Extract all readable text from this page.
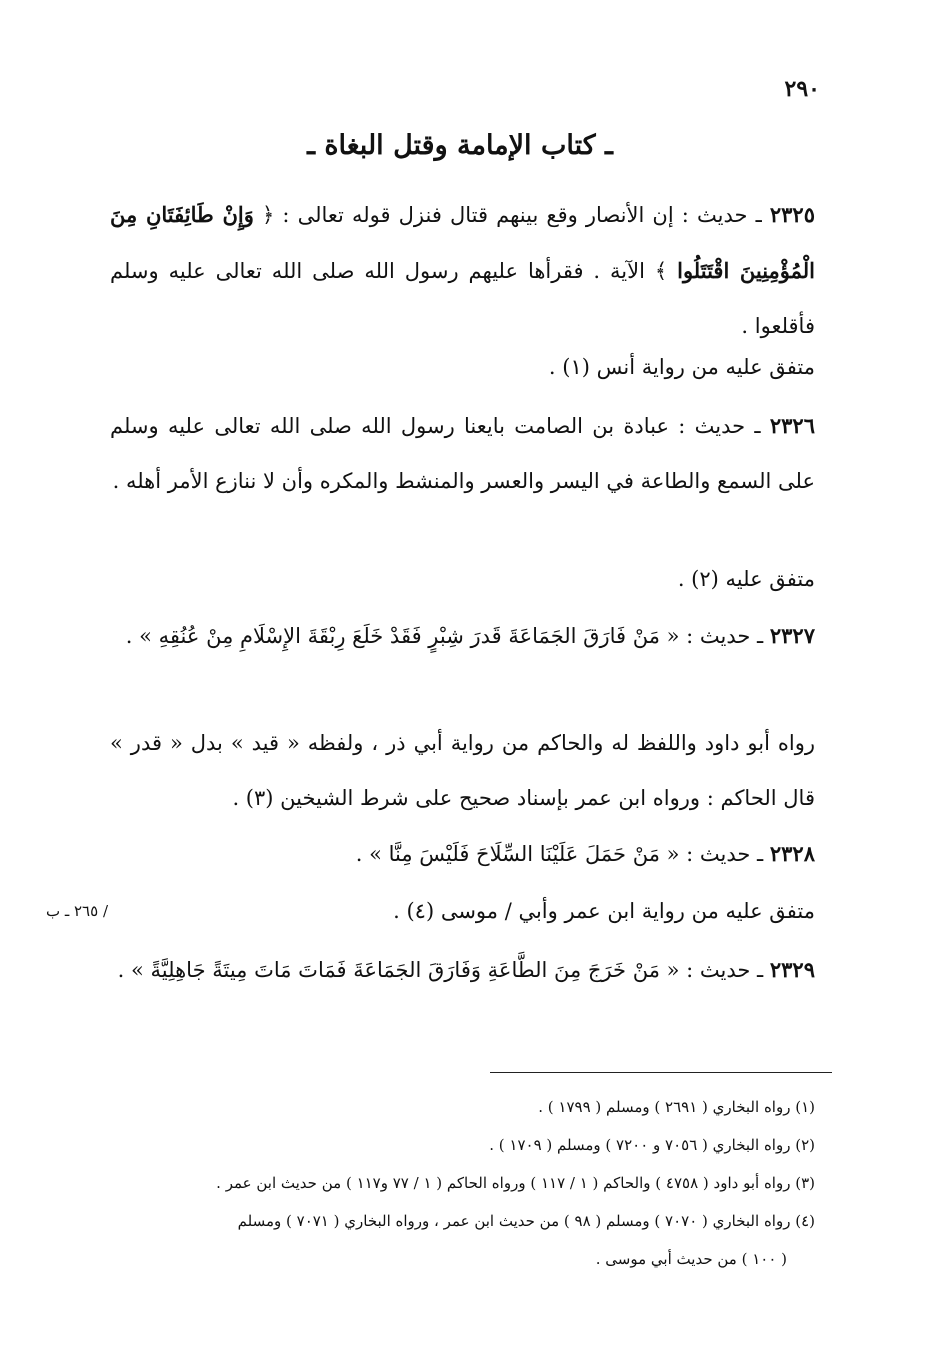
٢٩٠
ـ كتاب الإمامة وقتل البغاة ـ
٢٣٢٥ ـ حديث : إن الأنصار وقع بينهم قتال فنزل قوله تعالى : ﴿ وَإِنْ طَائِفَتَانِ مِنَ الْمُؤْمِنِينَ اقْتَتَلُوا ﴾ الآية . فقرأها عليهم رسول الله صلى الله تعالى عليه وسلم فأقلعوا .
متفق عليه من رواية أنس (١) .
٢٣٢٦ ـ حديث : عبادة بن الصامت بايعنا رسول الله صلى الله تعالى عليه وسلم على السمع والطاعة في اليسر والعسر والمنشط والمكره وأن لا ننازع الأمر أهله .
متفق عليه (٢) .
٢٣٢٧ ـ حديث : « مَنْ فَارَقَ الجَمَاعَةَ قَدرَ شِبْرٍ فَقَدْ خَلَعَ رِبْقَةَ الإِسْلَامِ مِنْ عُنُقِهِ » .
رواه أبو داود واللفظ له والحاكم من رواية أبي ذر ، ولفظه « قيد » بدل « قدر » قال الحاكم : ورواه ابن عمر بإسناد صحيح على شرط الشيخين (٣) .
٢٣٢٨ ـ حديث : « مَنْ حَمَلَ عَلَيْنَا السِّلَاحَ فَلَيْسَ مِنَّا » .
متفق عليه من رواية ابن عمر وأبي / موسى (٤) .
/ ٢٦٥ ـ ب
٢٣٢٩ ـ حديث : « مَنْ خَرَجَ مِنَ الطَّاعَةِ وَفَارَقَ الجَمَاعَةَ فَمَاتَ مَاتَ مِيتَةً جَاهِلِيَّةً » .
(١) رواه البخاري ( ٢٦٩١ ) ومسلم ( ١٧٩٩ ) .
(٢) رواه البخاري ( ٧٠٥٦ و ٧٢٠٠ ) ومسلم ( ١٧٠٩ ) .
(٣) رواه أبو داود ( ٤٧٥٨ ) والحاكم ( ١ / ١١٧ ) ورواه الحاكم ( ١ / ٧٧ و١١٧ ) من حديث ابن عمر .
(٤) رواه البخاري ( ٧٠٧٠ ) ومسلم ( ٩٨ ) من حديث ابن عمر ، ورواه البخاري ( ٧٠٧١ ) ومسلم
( ١٠٠ ) من حديث أبي موسى .
